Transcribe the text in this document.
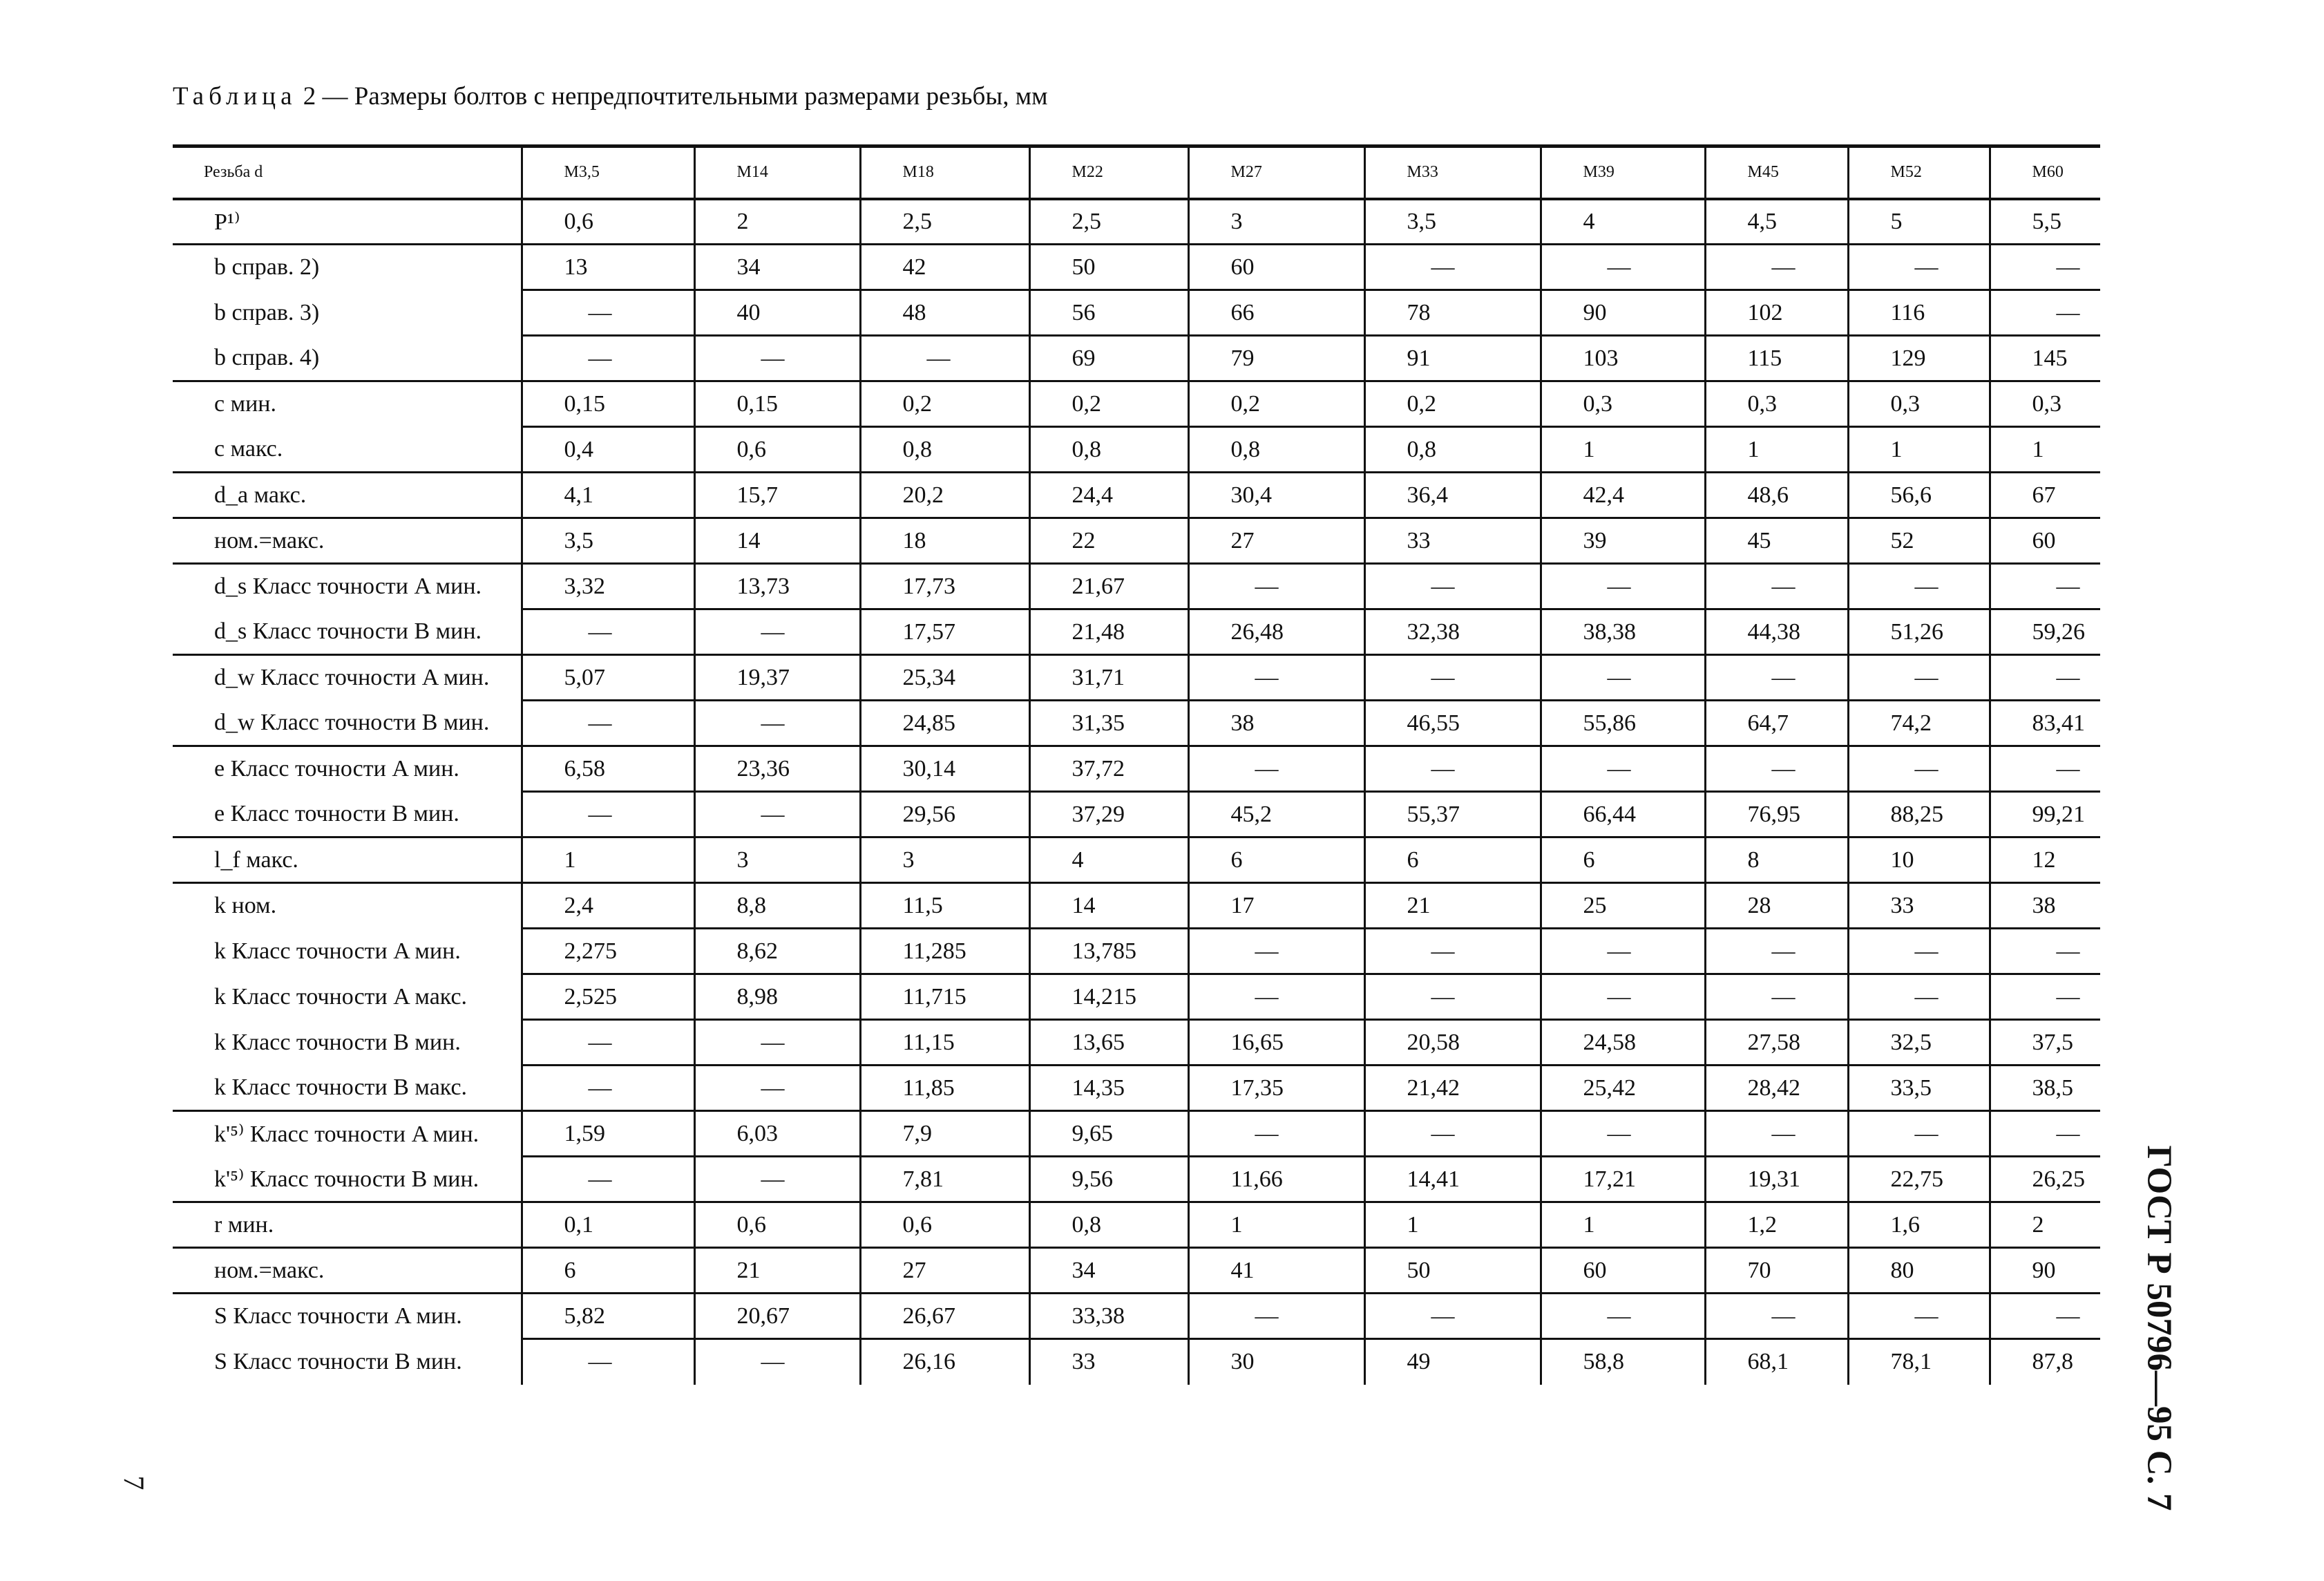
Таблица 2 — Размеры болтов с непредпочтительными размерами резьбы, мм
Резьба d	M3,5	M14	M18	M22	M27	M33	M39	M45	M52	M60
P¹⁾	0,6	2	2,5	2,5	3	3,5	4	4,5	5	5,5
b справ. 2)	13	34	42	50	60	—	—	—	—	—
b справ. 3)	—	40	48	56	66	78	90	102	116	—
b справ. 4)	—	—	—	69	79	91	103	115	129	145
c мин.	0,15	0,15	0,2	0,2	0,2	0,2	0,3	0,3	0,3	0,3
c макс.	0,4	0,6	0,8	0,8	0,8	0,8	1	1	1	1
d_a макс.	4,1	15,7	20,2	24,4	30,4	36,4	42,4	48,6	56,6	67
ном.=макс.	3,5	14	18	22	27	33	39	45	52	60
d_s Класс точности A мин.	3,32	13,73	17,73	21,67	—	—	—	—	—	—
d_s Класс точности B мин.	—	—	17,57	21,48	26,48	32,38	38,38	44,38	51,26	59,26
d_w Класс точности A мин.	5,07	19,37	25,34	31,71	—	—	—	—	—	—
d_w Класс точности B мин.	—	—	24,85	31,35	38	46,55	55,86	64,7	74,2	83,41
e Класс точности A мин.	6,58	23,36	30,14	37,72	—	—	—	—	—	—
e Класс точности B мин.	—	—	29,56	37,29	45,2	55,37	66,44	76,95	88,25	99,21
l_f макс.	1	3	3	4	6	6	6	8	10	12
k ном.	2,4	8,8	11,5	14	17	21	25	28	33	38
k Класс точности A мин.	2,275	8,62	11,285	13,785	—	—	—	—	—	—
k Класс точности A макс.	2,525	8,98	11,715	14,215	—	—	—	—	—	—
k Класс точности B мин.	—	—	11,15	13,65	16,65	20,58	24,58	27,58	32,5	37,5
k Класс точности B макс.	—	—	11,85	14,35	17,35	21,42	25,42	28,42	33,5	38,5
k'⁵⁾ Класс точности A мин.	1,59	6,03	7,9	9,65	—	—	—	—	—	—
k'⁵⁾ Класс точности B мин.	—	—	7,81	9,56	11,66	14,41	17,21	19,31	22,75	26,25
r мин.	0,1	0,6	0,6	0,8	1	1	1	1,2	1,6	2
ном.=макс.	6	21	27	34	41	50	60	70	80	90
S Класс точности A мин.	5,82	20,67	26,67	33,38	—	—	—	—	—	—
S Класс точности B мин.	—	—	26,16	33	30	49	58,8	68,1	78,1	87,8 ГОСТ Р 50796—95 С. 7
7
